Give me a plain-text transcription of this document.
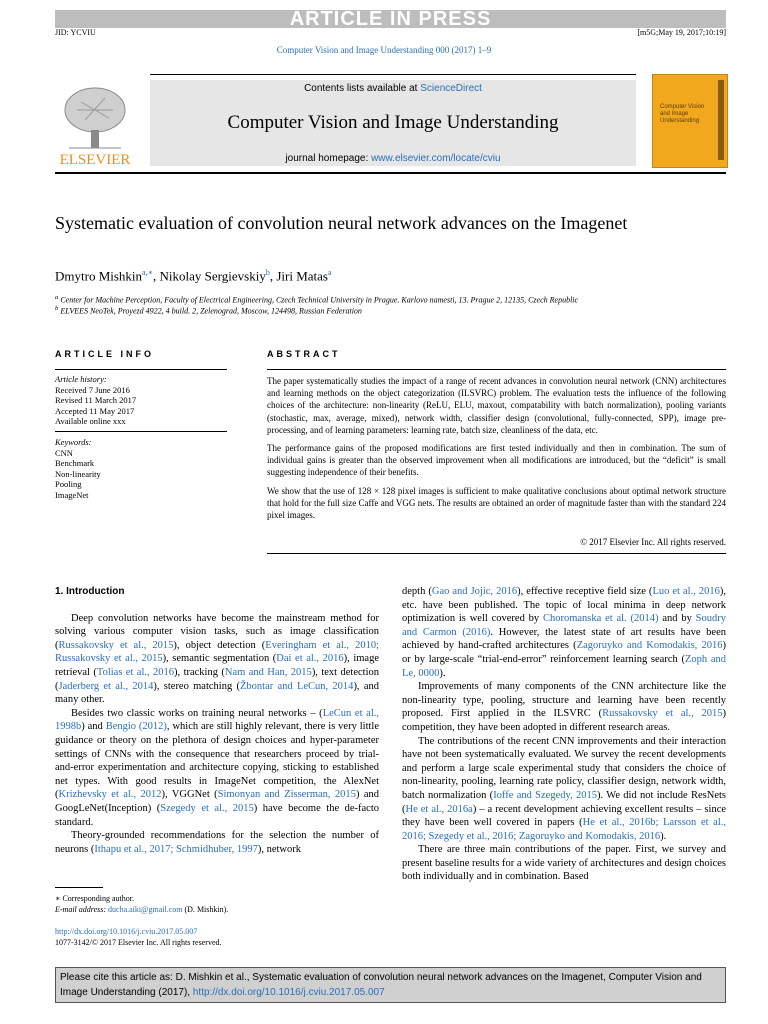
ARTICLE IN PRESS
JID: YCVIU	[m5G;May 19, 2017;10:19]
Computer Vision and Image Understanding 000 (2017) 1–9
ELSEVIER
Contents lists available at ScienceDirect
Computer Vision and Image Understanding
journal homepage: www.elsevier.com/locate/cviu
Computer Vision and Image Understanding
Systematic evaluation of convolution neural network advances on the Imagenet
Dmytro Mishkin$^{a,∗}$, Nikolay Sergievskiy$^b$, Jiri Matas$^a$
$^a$ Center for Machine Perception, Faculty of Electrical Engineering, Czech Technical University in Prague. Karlovo namesti, 13. Prague 2, 12135, Czech Republic
$^b$ ELVEES NeoTek, Proyezd 4922, 4 build. 2, Zelenograd, Moscow, 124498, Russian Federation
ARTICLE INFO	ABSTRACT
Article history:
Received 7 June 2016
Revised 11 March 2017
Accepted 11 May 2017
Available online xxx
Keywords:
CNN
Benchmark
Non-linearity
Pooling
ImageNet

The paper systematically studies the impact of a range of recent advances in convolution neural network (CNN) architectures and learning methods on the object categorization (ILSVRC) problem. The evaluation tests the influence of the following choices of the architecture: non-linearity (ReLU, ELU, maxout, compatability with batch normalization), pooling variants (stochastic, max, average, mixed), network width, classifier design (convolutional, fully-connected, SPP), image pre-processing, and of learning parameters: learning rate, batch size, cleanliness of the data, etc.

The performance gains of the proposed modifications are first tested individually and then in combination. The sum of individual gains is greater than the observed improvement when all modifications are introduced, but the “deficit” is small suggesting independence of their benefits.

We show that the use of 128 × 128 pixel images is sufficient to make qualitative conclusions about optimal network structure that hold for the full size Caffe and VGG nets. The results are obtained an order of magnitude faster than with the standard 224 pixel images.

© 2017 Elsevier Inc. All rights reserved.
1. Introduction

Deep convolution networks have become the mainstream method for solving various computer vision tasks, such as image classification (Russakovsky et al., 2015), object detection (Everingham et al., 2010; Russakovsky et al., 2015), semantic segmentation (Dai et al., 2016), image retrieval (Tolias et al., 2016), tracking (Nam and Han, 2015), text detection (Jaderberg et al., 2014), stereo matching (Žbontar and LeCun, 2014), and many other.

Besides two classic works on training neural networks – (LeCun et al., 1998b) and Bengio (2012), which are still highly relevant, there is very little guidance or theory on the plethora of design choices and hyper-parameter settings of CNNs with the consequence that researchers proceed by trial-and-error experimentation and architecture copying, sticking to established net types. With good results in ImageNet competition, the AlexNet (Krizhevsky et al., 2012), VGGNet (Simonyan and Zisserman, 2015) and GoogLeNet(Inception) (Szegedy et al., 2015) have become the de-facto standard.

Theory-grounded recommendations for the selection the number of neurons (Ithapu et al., 2017; Schmidhuber, 1997), network

depth (Gao and Jojic, 2016), effective receptive field size (Luo et al., 2016), etc. have been published. The topic of local minima in deep network optimization is well covered by Choromanska et al. (2014) and by Soudry and Carmon (2016). However, the latest state of art results have been achieved by hand-crafted architectures (Zagoruyko and Komodakis, 2016) or by large-scale “trial-end-error” reinforcement learning search (Zoph and Le, 0000).

Improvements of many components of the CNN architecture like the non-linearity type, pooling, structure and learning have been recently proposed. First applied in the ILSVRC (Russakovsky et al., 2015) competition, they have been adopted in different research areas.

The contributions of the recent CNN improvements and their interaction have not been systematically evaluated. We survey the recent developments and perform a large scale experimental study that considers the choice of non-linearity, pooling, learning rate policy, classifier design, network width, batch normalization (Ioffe and Szegedy, 2015). We did not include ResNets (He et al., 2016a) – a recent development achieving excellent results – since they have been well covered in papers (He et al., 2016b; Larsson et al., 2016; Szegedy et al., 2016; Zagoruyko and Komodakis, 2016).

There are three main contributions of the paper. First, we survey and present baseline results for a wide variety of architectures and design choices both individually and in combination. Based

∗ Corresponding author.
E-mail address: ducha.aiki@gmail.com (D. Mishkin).
http://dx.doi.org/10.1016/j.cviu.2017.05.007
1077-3142/© 2017 Elsevier Inc. All rights reserved.
Please cite this article as: D. Mishkin et al., Systematic evaluation of convolution neural network advances on the Imagenet, Computer Vision and Image Understanding (2017), http://dx.doi.org/10.1016/j.cviu.2017.05.007
